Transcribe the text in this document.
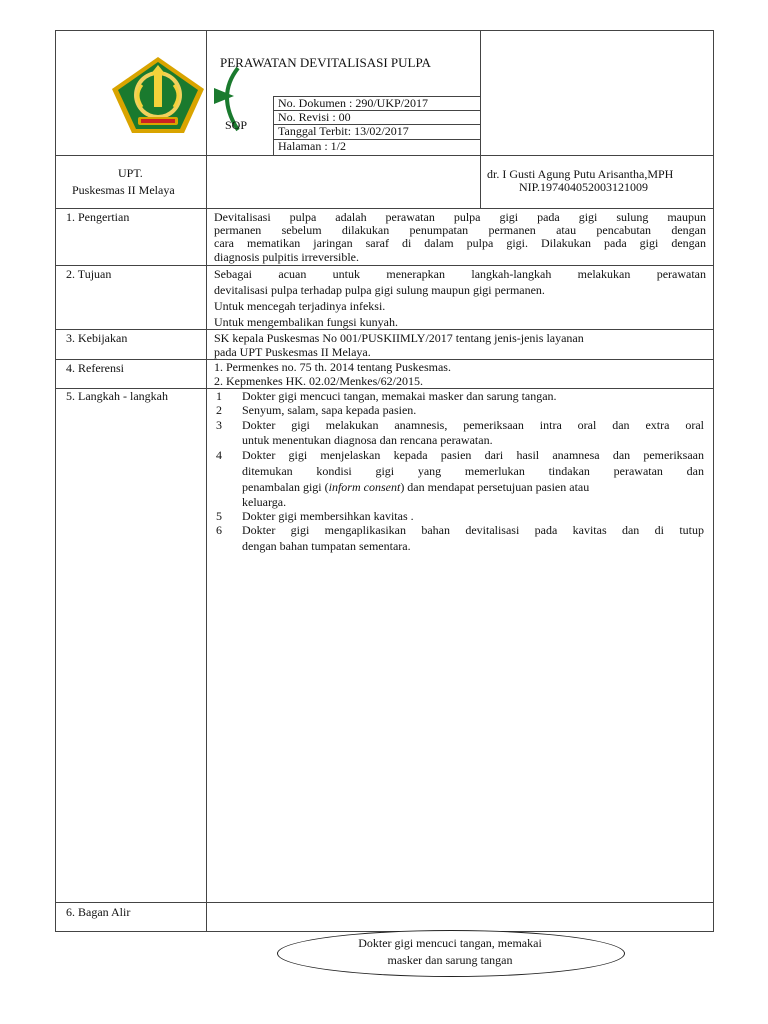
PERAWATAN DEVITALISASI PULPA
SOP
No. Dokumen : 290/UKP/2017
No. Revisi : 00
Tanggal Terbit: 13/02/2017
Halaman : 1/2
UPT.
Puskesmas II Melaya
dr. I Gusti Agung Putu Arisantha,MPH
NIP.197404052003121009
1. Pengertian
2. Tujuan
3. Kebijakan
4. Referensi
5. Langkah - langkah
6. Bagan Alir
Devitalisasi pulpa adalah perawatan pulpa gigi pada gigi sulung maupun
permanen sebelum dilakukan penumpatan permanen atau pencabutan dengan
cara mematikan jaringan saraf di dalam pulpa gigi. Dilakukan pada gigi dengan
diagnosis pulpitis irreversible.
Sebagai acuan untuk menerapkan langkah-langkah melakukan perawatan
devitalisasi pulpa terhadap pulpa gigi sulung maupun gigi permanen.
Untuk mencegah terjadinya infeksi.
Untuk mengembalikan fungsi kunyah.
SK kepala Puskesmas No 001/PUSKIIMLY/2017 tentang jenis-jenis layanan
pada UPT Puskesmas II Melaya.
1. Permenkes no. 75 th. 2014 tentang Puskesmas.
2. Kepmenkes HK. 02.02/Menkes/62/2015.
1 Dokter gigi mencuci tangan, memakai masker dan sarung tangan.
2 Senyum, salam, sapa kepada pasien.
3 Dokter gigi melakukan anamnesis, pemeriksaan intra oral dan extra oral
untuk menentukan diagnosa dan rencana perawatan.
4 Dokter gigi menjelaskan kepada pasien dari hasil anamnesa dan pemeriksaan
ditemukan kondisi gigi yang memerlukan tindakan perawatan dan
penambalan gigi (inform consent) dan mendapat persetujuan pasien atau
keluarga.
5 Dokter gigi membersihkan kavitas .
6 Dokter gigi mengaplikasikan bahan devitalisasi pada kavitas dan di tutup
dengan bahan tumpatan sementara.
Dokter gigi mencuci tangan, memakai
masker dan sarung tangan
